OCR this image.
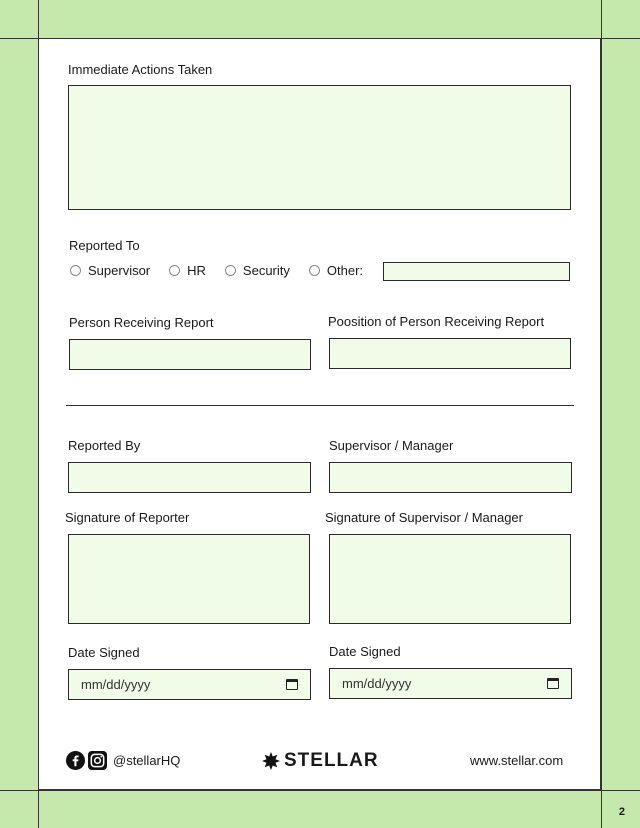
Immediate Actions Taken
Reported To
Supervisor	HR	Security	Other:
Person Receiving Report	Poosition of Person Receiving Report
Reported By	Supervisor / Manager
Signature of Reporter	Signature of Supervisor / Manager
Date Signed
mm/dd/yyyy
Date Signed
mm/dd/yyyy
@stellarHQ	STELLAR	www.stellar.com
2
